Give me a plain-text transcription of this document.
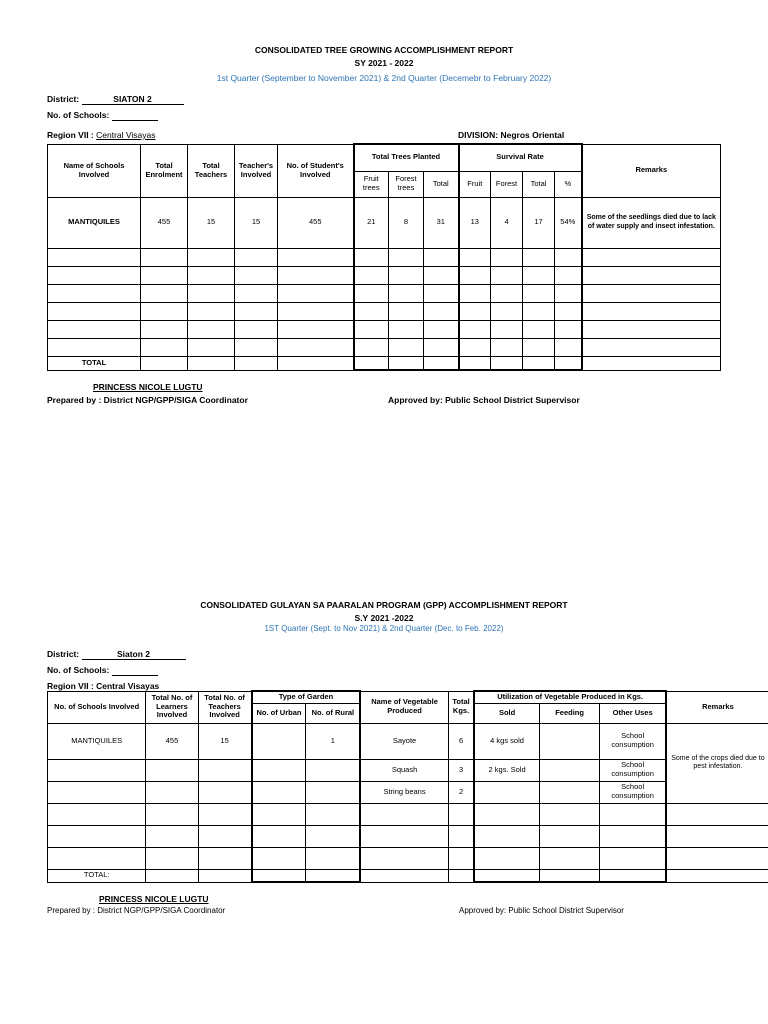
CONSOLIDATED TREE GROWING ACCOMPLISHMENT REPORT
SY 2021 - 2022
1st Quarter (September to November 2021) & 2nd Quarter (Decemebr to February 2022)
District:	SIATON 2
No. of Schools:
Region VII : Central Visayas	DIVISION: Negros Oriental
Name of Schools Involved	Total Enrolment	Total Teachers	Teacher's Involved	No. of Student's Involved	Total Trees Planted			Survival Rate				Remarks
					Fruit trees	Forest trees	Total	Fruit	Forest	Total	%	
MANTIQUILES	455	15	15	455	21	8	31	13	4	17	54%	Some of the seedlings died due to lack of water supply and insect infestation.

TOTAL												
PRINCESS NICOLE LUGTU
Prepared by : District NGP/GPP/SIGA Coordinator	Approved by: Public School District Supervisor
CONSOLIDATED GULAYAN SA PAARALAN PROGRAM (GPP) ACCOMPLISHMENT REPORT
S.Y 2021 -2022
1ST Quarter (Sept. to Nov 2021) & 2nd Quarter (Dec. to Feb. 2022)
District:	Siaton 2
No. of Schools:
Region VII : Central Visayas
No. of Schools Involved	Total No. of Learners Involved	Total No. of Teachers Involved	Type of Garden		Name of Vegetable Produced	Total Kgs.	Utilization of Vegetable Produced in Kgs.			Remarks
			No. of Urban	No. of Rural			Sold	Feeding	Other Uses	
MANTIQUILES	455	15		1	Sayote	6	4 kgs sold		School consumption	Some of the crops died due to pest infestation.
					Squash	3	2 kgs. Sold		School consumption	
					String beans	2			School consumption	

TOTAL:										
PRINCESS NICOLE LUGTU
Prepared by : District NGP/GPP/SIGA Coordinator	Approved by: Public School District Supervisor
